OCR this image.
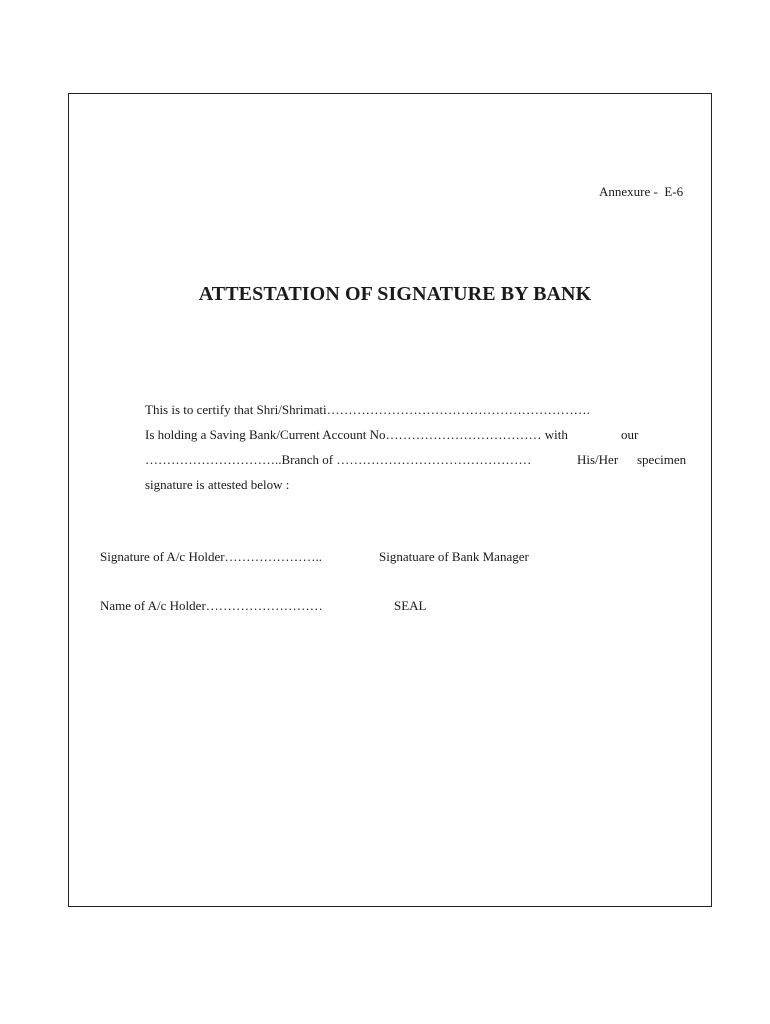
Annexure -  E-6
ATTESTATION OF SIGNATURE BY BANK
This is to certify that Shri/Shrimati…………………………………………………….
Is holding a Saving Bank/Current Account No……………………………… with	our
…………………………..Branch of ………………………………………	His/Her specimen
signature is attested below :
Signature of A/c Holder…………………..	Signatuare of Bank Manager
Name of A/c Holder………………………	SEAL
